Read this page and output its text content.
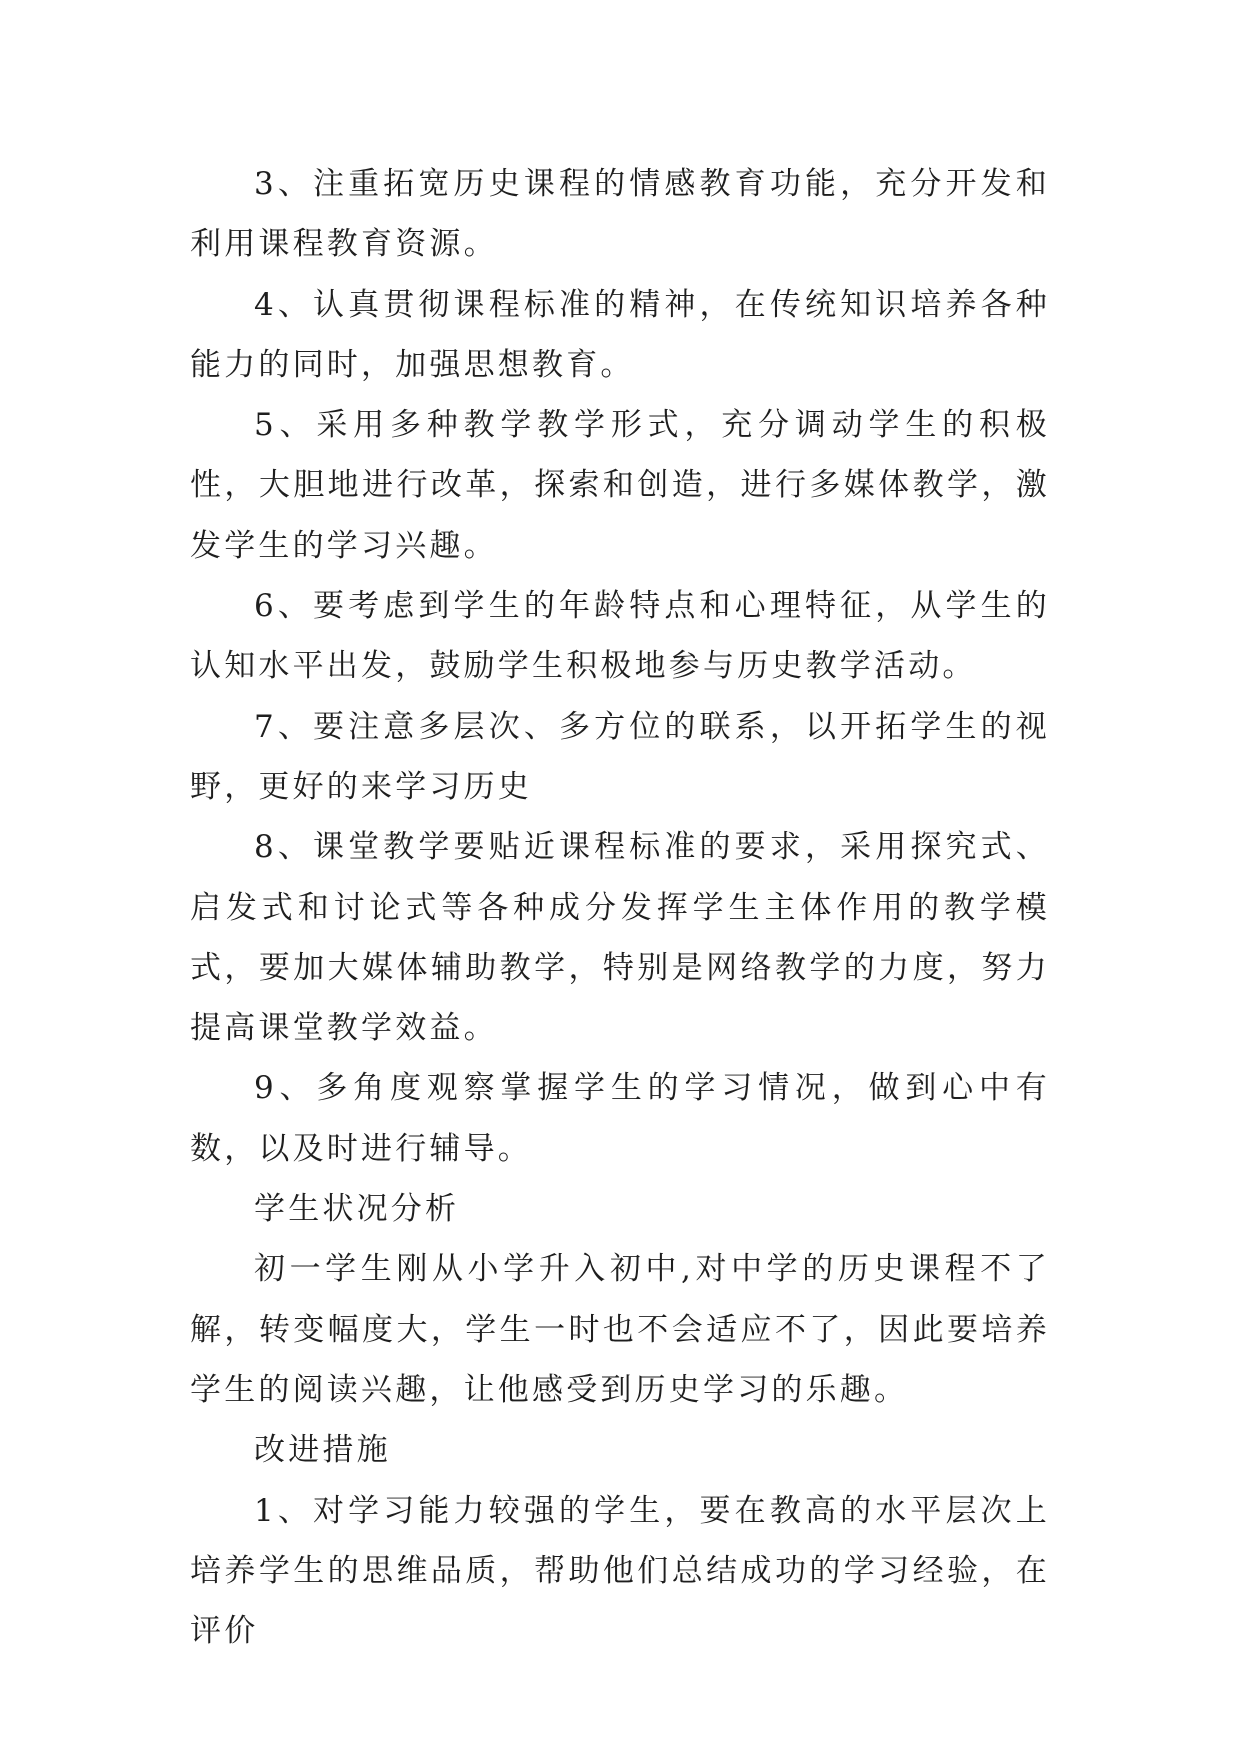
3、注重拓宽历史课程的情感教育功能，充分开发和利用课程教育资源。

4、认真贯彻课程标准的精神，在传统知识培养各种能力的同时，加强思想教育。

5、采用多种教学教学形式，充分调动学生的积极性，大胆地进行改革，探索和创造，进行多媒体教学，激发学生的学习兴趣。

6、要考虑到学生的年龄特点和心理特征，从学生的认知水平出发，鼓励学生积极地参与历史教学活动。

7、要注意多层次、多方位的联系，以开拓学生的视野，更好的来学习历史

8、课堂教学要贴近课程标准的要求，采用探究式、启发式和讨论式等各种成分发挥学生主体作用的教学模式，要加大媒体辅助教学，特别是网络教学的力度，努力提高课堂教学效益。

9、多角度观察掌握学生的学习情况，做到心中有数，以及时进行辅导。

学生状况分析

初一学生刚从小学升入初中,对中学的历史课程不了解，转变幅度大，学生一时也不会适应不了，因此要培养学生的阅读兴趣，让他感受到历史学习的乐趣。

改进措施

1、对学习能力较强的学生，要在教高的水平层次上培养学生的思维品质，帮助他们总结成功的学习经验，在评价
